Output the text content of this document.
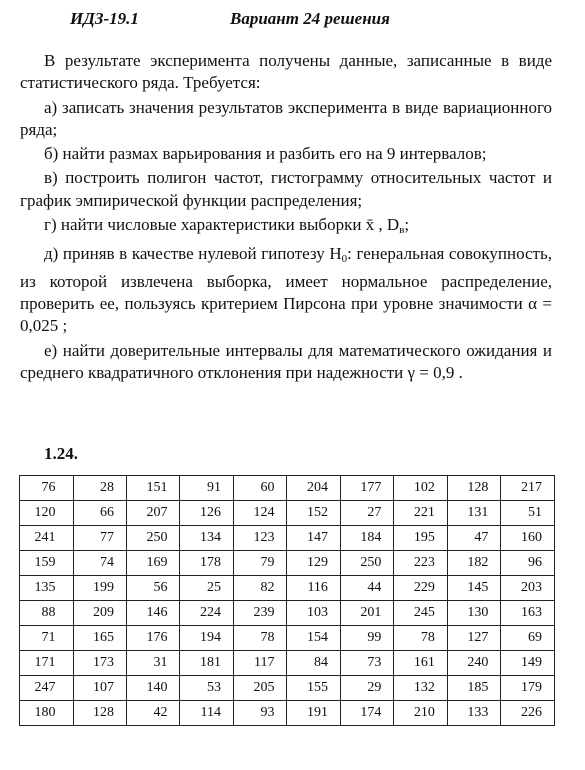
ИДЗ-19.1	Вариант 24 решения

В результате эксперимента получены данные, записанные в виде статистического ряда. Требуется:

а) записать значения результатов эксперимента в виде вариационного ряда;

б) найти размах варьирования и разбить его на 9 интервалов;

в) построить полигон частот, гистограмму относительных частот и график эмпирической функции распределения;

г) найти числовые характеристики выборки x̄ , $D_в$;

д) приняв в качестве нулевой гипотезу $H_0$: генеральная совокупность, из которой извлечена выборка, имеет нормальное распределение, проверить ее, пользуясь критерием Пирсона при уровне значимости α = 0,025 ;

е) найти доверительные интервалы для математического ожидания и среднего квадратичного отклонения при надежности γ = 0,9 .

1.24.
76	28	151	91	60	204	177	102	128	217
120	66	207	126	124	152	27	221	131	51
241	77	250	134	123	147	184	195	47	160
159	74	169	178	79	129	250	223	182	96
135	199	56	25	82	116	44	229	145	203
88	209	146	224	239	103	201	245	130	163
71	165	176	194	78	154	99	78	127	69
171	173	31	181	117	84	73	161	240	149
247	107	140	53	205	155	29	132	185	179
180	128	42	114	93	191	174	210	133	226
